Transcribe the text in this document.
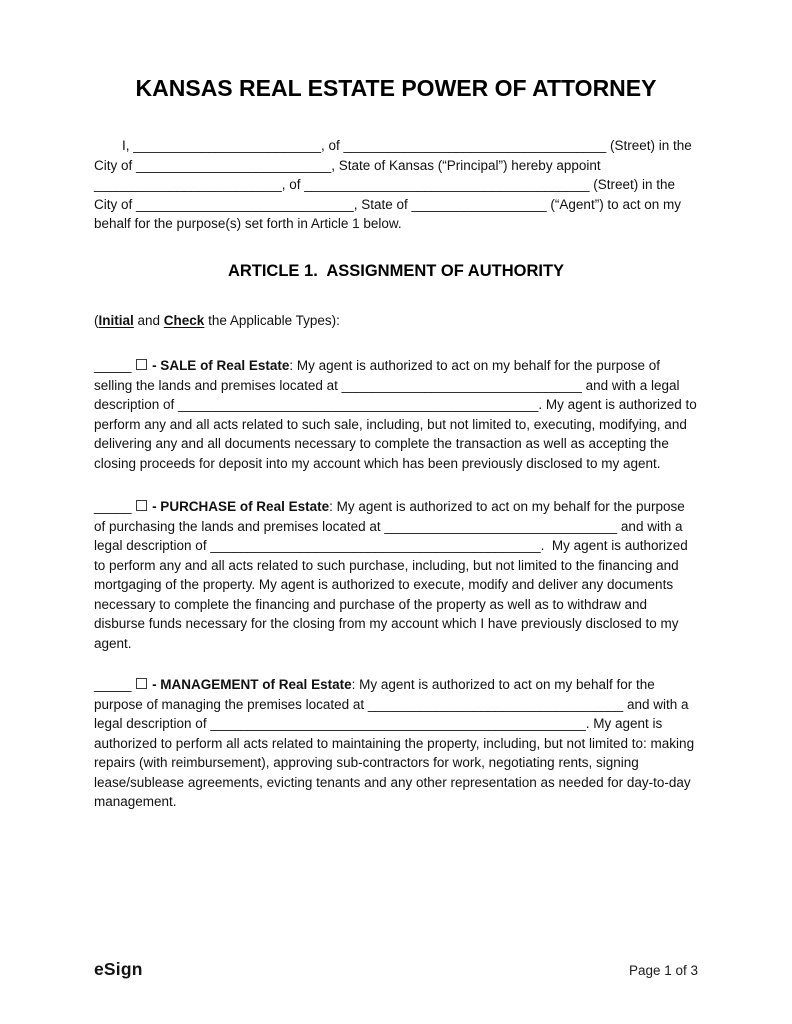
KANSAS REAL ESTATE POWER OF ATTORNEY

I, _________________________, of ___________________________________ (Street) in the City of __________________________, State of Kansas (“Principal”) hereby appoint _________________________, of ______________________________________ (Street) in the City of _____________________________, State of __________________ (“Agent”) to act on my behalf for the purpose(s) set forth in Article 1 below.

ARTICLE 1.  ASSIGNMENT OF AUTHORITY

(Initial and Check the Applicable Types):

_____  - SALE of Real Estate: My agent is authorized to act on my behalf for the purpose of selling the lands and premises located at ________________________________ and with a legal description of ________________________________________________. My agent is authorized to perform any and all acts related to such sale, including, but not limited to, executing, modifying, and delivering any and all documents necessary to complete the transaction as well as accepting the closing proceeds for deposit into my account which has been previously disclosed to my agent.

_____  - PURCHASE of Real Estate: My agent is authorized to act on my behalf for the purpose of purchasing the lands and premises located at _______________________________ and with a legal description of ____________________________________________.  My agent is authorized to perform any and all acts related to such purchase, including, but not limited to the financing and mortgaging of the property. My agent is authorized to execute, modify and deliver any documents necessary to complete the financing and purchase of the property as well as to withdraw and disburse funds necessary for the closing from my account which I have previously disclosed to my agent.

_____  - MANAGEMENT of Real Estate: My agent is authorized to act on my behalf for the purpose of managing the premises located at __________________________________ and with a legal description of __________________________________________________. My agent is authorized to perform all acts related to maintaining the property, including, but not limited to: making repairs (with reimbursement), approving sub-contractors for work, negotiating rents, signing lease/sublease agreements, evicting tenants and any other representation as needed for day-to-day management.

eSign	Page 1 of 3
